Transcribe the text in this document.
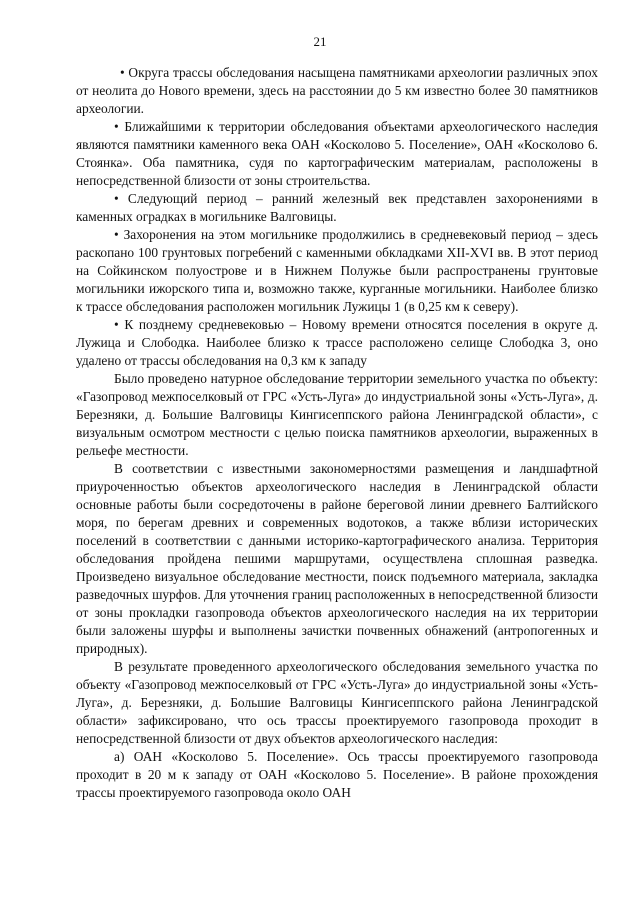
21

• Округа трассы обследования насыщена памятниками археологии различных эпох от неолита до Нового времени, здесь на расстоянии до 5 км известно более 30 памятников археологии.

• Ближайшими к территории обследования объектами археологического наследия являются памятники каменного века ОАН «Косколово 5. Поселение», ОАН «Косколово 6. Стоянка». Оба памятника, судя по картографическим материалам, расположены в непосредственной близости от зоны строительства.

• Следующий период – ранний железный век представлен захоронениями в каменных оградках в могильнике Валговицы.

• Захоронения на этом могильнике продолжились в средневековый период – здесь раскопано 100 грунтовых погребений с каменными обкладками XII-XVI вв. В этот период на Сойкинском полуострове и в Нижнем Полужье были распространены грунтовые могильники ижорского типа и, возможно также, курганные могильники. Наиболее близко к трассе обследования расположен могильник Лужицы 1 (в 0,25 км к северу).

• К позднему средневековью – Новому времени относятся поселения в округе д. Лужица и Слободка. Наиболее близко к трассе расположено селище Слободка 3, оно удалено от трассы обследования на 0,3 км к западу

Было проведено натурное обследование территории земельного участка по объекту: «Газопровод межпоселковый от ГРС «Усть-Луга» до индустриальной зоны «Усть-Луга», д. Березняки, д. Большие Валговицы Кингисеппского района Ленинградской области», с визуальным осмотром местности с целью поиска памятников археологии, выраженных в рельефе местности.

В соответствии с известными закономерностями размещения и ландшафтной приуроченностью объектов археологического наследия в Ленинградской области основные работы были сосредоточены в районе береговой линии древнего Балтийского моря, по берегам древних и современных водотоков, а также вблизи исторических поселений в соответствии с данными историко-картографического анализа. Территория обследования пройдена пешими маршрутами, осуществлена сплошная разведка. Произведено визуальное обследование местности, поиск подъемного материала, закладка разведочных шурфов. Для уточнения границ расположенных в непосредственной близости от зоны прокладки газопровода объектов археологического наследия на их территории были заложены шурфы и выполнены зачистки почвенных обнажений (антропогенных и природных).

В результате проведенного археологического обследования земельного участка по объекту «Газопровод межпоселковый от ГРС «Усть-Луга» до индустриальной зоны «Усть-Луга», д. Березняки, д. Большие Валговицы Кингисеппского района Ленинградской области» зафиксировано, что ось трассы проектируемого газопровода проходит в непосредственной близости от двух объектов археологического наследия:

а) ОАН «Косколово 5. Поселение». Ось трассы проектируемого газопровода проходит в 20 м к западу от ОАН «Косколово 5. Поселение». В районе прохождения трассы проектируемого газопровода около ОАН
